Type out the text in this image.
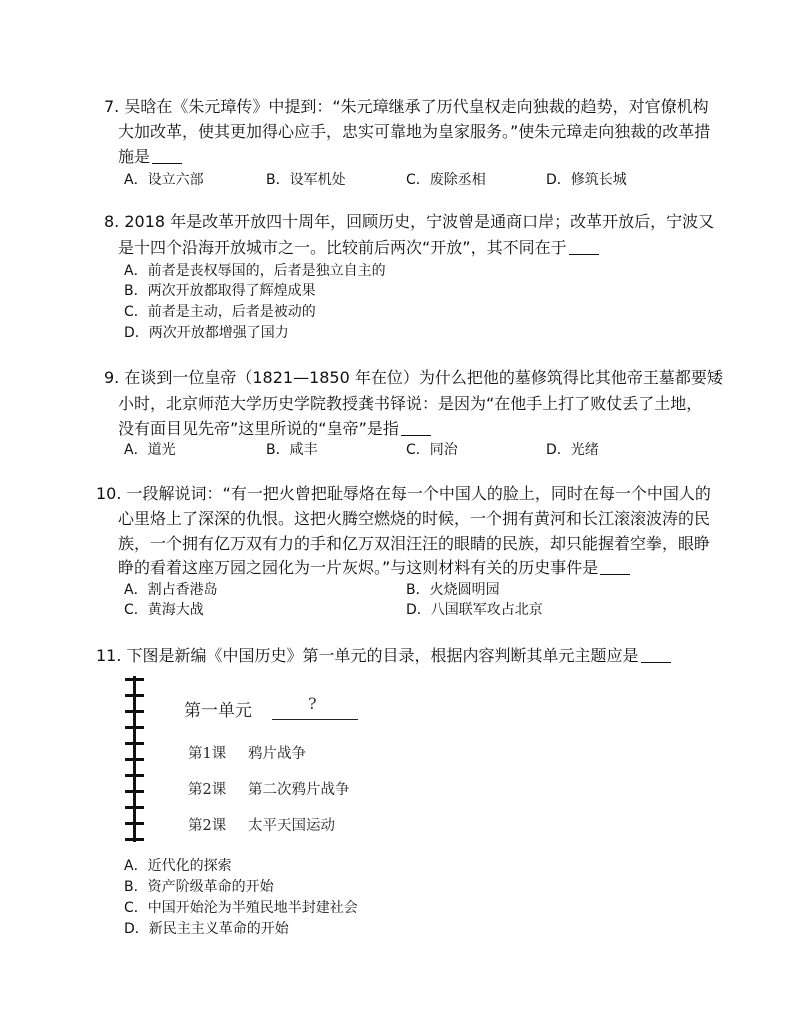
7. 吴晗在《朱元璋传》中提到：“朱元璋继承了历代皇权走向独裁的趋势，对官僚机构
大加改革，使其更加得心应手，忠实可靠地为皇家服务。”使朱元璋走向独裁的改革措
施是
A．设立六部	B．设军机处	C．废除丞相	D．修筑长城
8. 2018 年是改革开放四十周年，回顾历史，宁波曾是通商口岸；改革开放后，宁波又
是十四个沿海开放城市之一。比较前后两次“开放”，其不同在于
A．前者是丧权辱国的，后者是独立自主的
B．两次开放都取得了辉煌成果
C．前者是主动，后者是被动的
D．两次开放都增强了国力
9. 在谈到一位皇帝（1821—1850 年在位）为什么把他的墓修筑得比其他帝王墓都要矮
小时，北京师范大学历史学院教授龚书铎说：是因为“在他手上打了败仗丢了土地，
没有面目见先帝”这里所说的“皇帝”是指
A．道光	B．咸丰	C．同治	D．光绪
10. 一段解说词：“有一把火曾把耻辱烙在每一个中国人的脸上，同时在每一个中国人的
心里烙上了深深的仇恨。这把火腾空燃烧的时候，一个拥有黄河和长江滚滚波涛的民
族，一个拥有亿万双有力的手和亿万双泪汪汪的眼睛的民族，却只能握着空拳，眼睁
睁的看着这座万园之园化为一片灰烬。”与这则材料有关的历史事件是
A．割占香港岛	B．火烧圆明园
C．黄海大战	D．八国联军攻占北京
11. 下图是新编《中国历史》第一单元的目录，根据内容判断其单元主题应是
第一单元	?
第1课 鸦片战争
第2课 第二次鸦片战争
第2课 太平天国运动
A．近代化的探索
B．资产阶级革命的开始
C．中国开始沦为半殖民地半封建社会
D．新民主主义革命的开始
